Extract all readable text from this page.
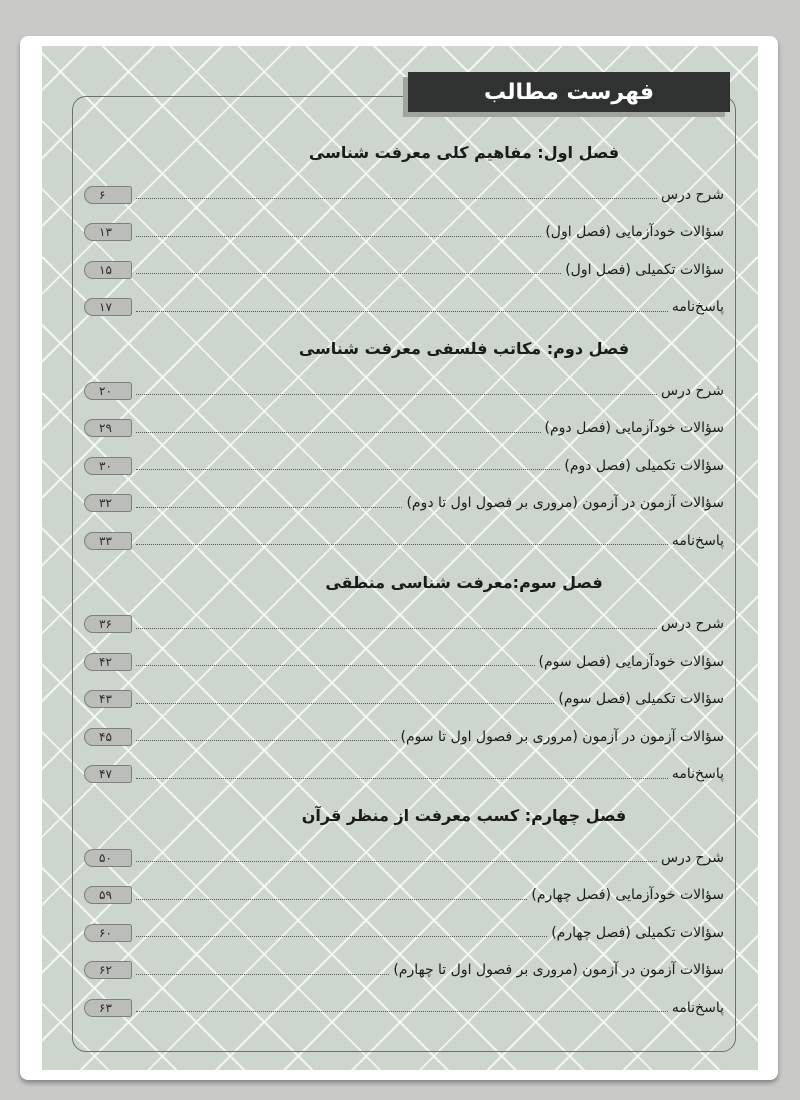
فهرست مطالب
فصل اول: مفاهیم کلی معرفت شناسی
شرح درس
۶
سؤالات خودآزمایی (فصل اول)
۱۳
سؤالات تکمیلی (فصل اول)
۱۵
پاسخ‌نامه
۱۷
فصل دوم: مکاتب فلسفی معرفت شناسی
شرح درس
۲۰
سؤالات خودآزمایی (فصل دوم)
۲۹
سؤالات تکمیلی (فصل دوم)
۳۰
سؤالات آزمون در آزمون (مروری بر فصول اول تا دوم)
۳۲
پاسخ‌نامه
۳۳
فصل سوم:معرفت شناسی منطقی
شرح درس
۳۶
سؤالات خودآزمایی (فصل سوم)
۴۲
سؤالات تکمیلی (فصل سوم)
۴۳
سؤالات آزمون در آزمون (مروری بر فصول اول تا سوم)
۴۵
پاسخ‌نامه
۴۷
فصل چهارم: کسب معرفت از منظر قرآن
شرح درس
۵۰
سؤالات خودآزمایی (فصل چهارم)
۵۹
سؤالات تکمیلی (فصل چهارم)
۶۰
سؤالات آزمون در آزمون (مروری بر فصول اول تا چهارم)
۶۲
پاسخ‌نامه
۶۳
